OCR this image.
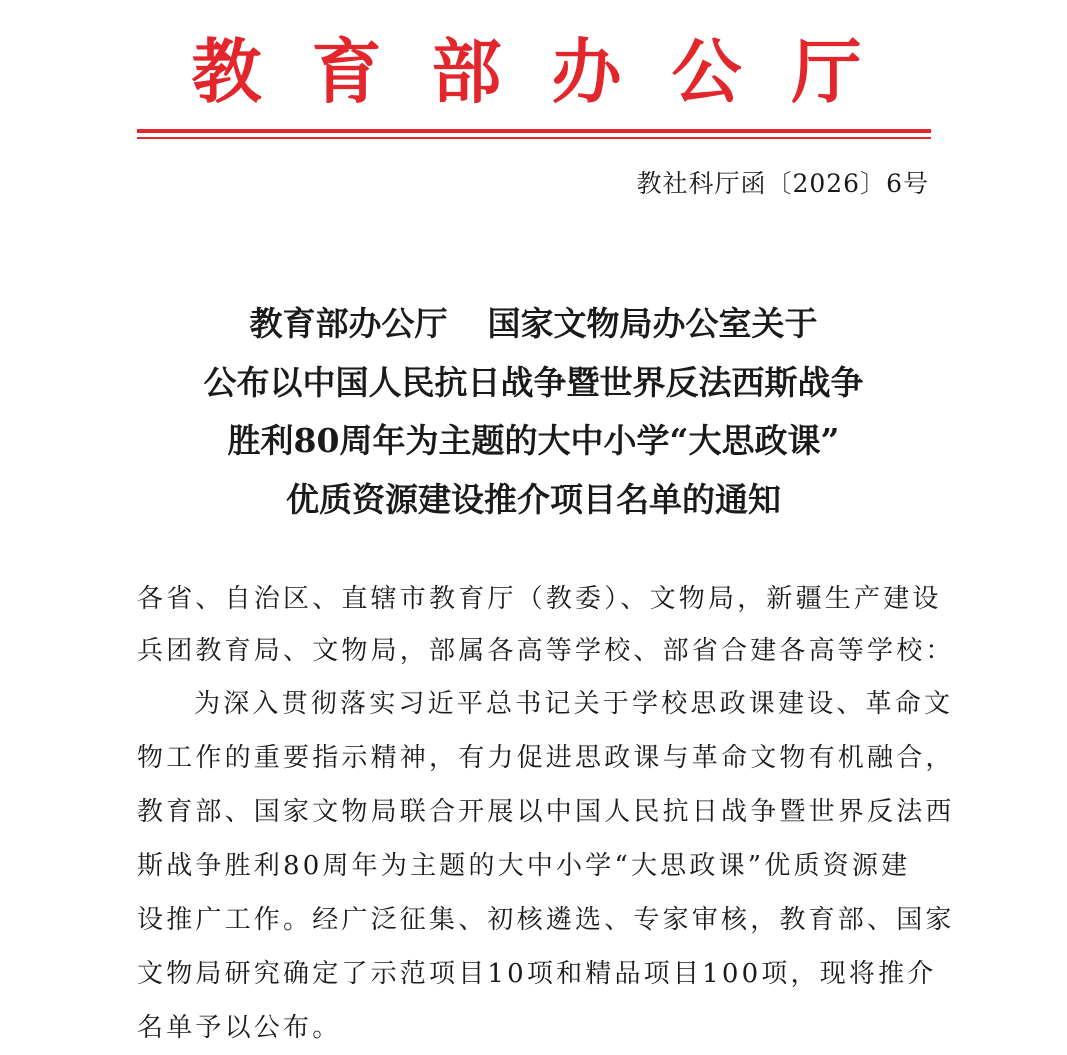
教育部办公厅
教社科厅函〔2026〕6号
教育部办公厅 国家文物局办公室关于
公布以中国人民抗日战争暨世界反法西斯战争
胜利80周年为主题的大中小学“大思政课”
优质资源建设推介项目名单的通知
各省、自治区、直辖市教育厅（教委）、文物局，新疆生产建设
兵团教育局、文物局，部属各高等学校、部省合建各高等学校：
为深入贯彻落实习近平总书记关于学校思政课建设、革命文
物工作的重要指示精神，有力促进思政课与革命文物有机融合，
教育部、国家文物局联合开展以中国人民抗日战争暨世界反法西
斯战争胜利80周年为主题的大中小学“大思政课”优质资源建
设推广工作。经广泛征集、初核遴选、专家审核，教育部、国家
文物局研究确定了示范项目10项和精品项目100项，现将推介
名单予以公布。
